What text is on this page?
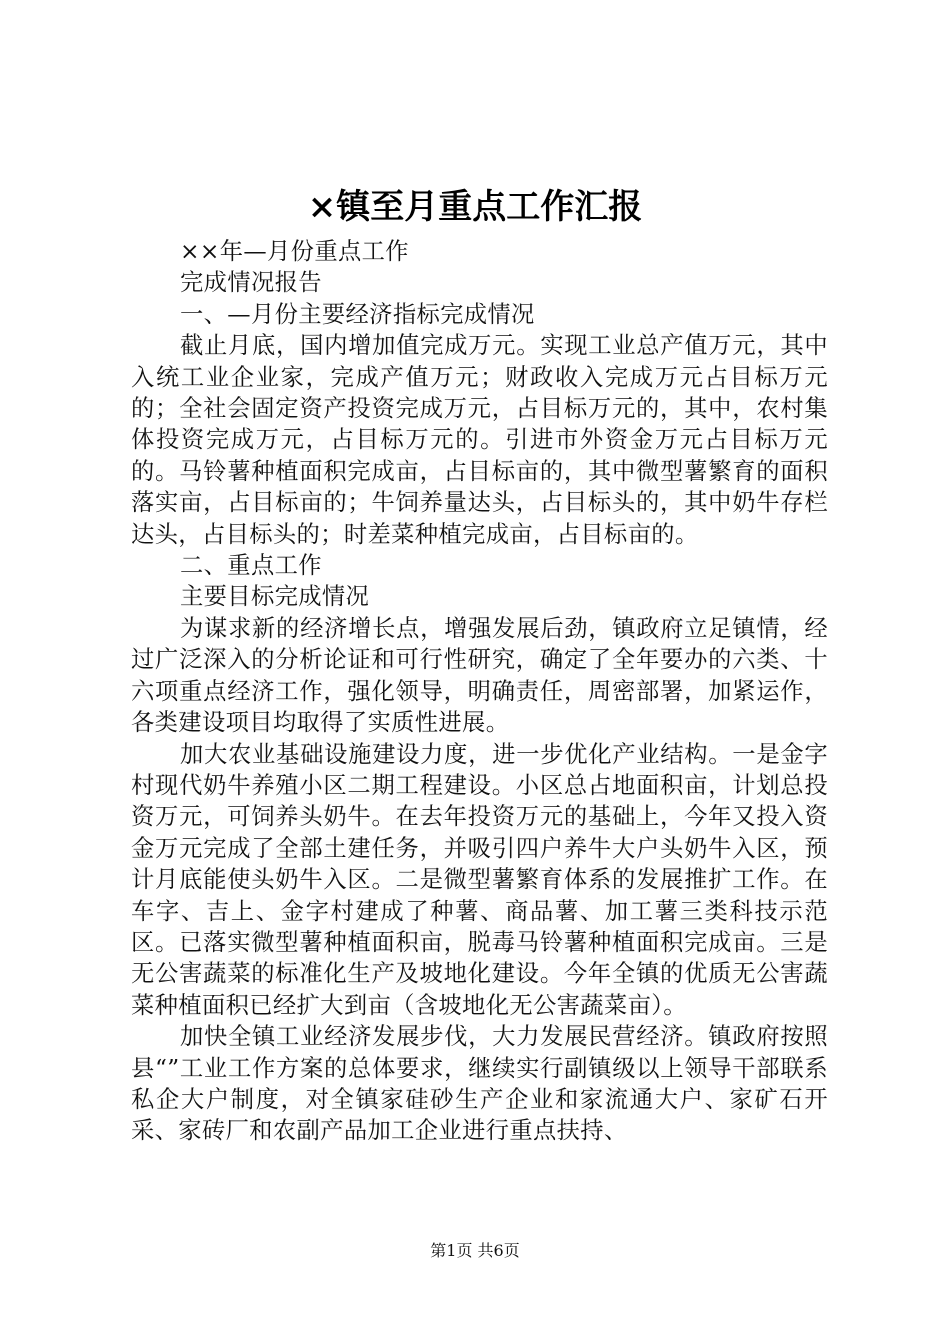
×镇至月重点工作汇报

××年—月份重点工作

完成情况报告

一、—月份主要经济指标完成情况

截止月底，国内增加值完成万元。实现工业总产值万元，其中入统工业企业家，完成产值万元；财政收入完成万元占目标万元的；全社会固定资产投资完成万元，占目标万元的，其中，农村集体投资完成万元，占目标万元的。引进市外资金万元占目标万元的。马铃薯种植面积完成亩，占目标亩的，其中微型薯繁育的面积落实亩，占目标亩的；牛饲养量达头，占目标头的，其中奶牛存栏达头，占目标头的；时差菜种植完成亩，占目标亩的。

二、重点工作

主要目标完成情况

为谋求新的经济增长点，增强发展后劲，镇政府立足镇情，经过广泛深入的分析论证和可行性研究，确定了全年要办的六类、十六项重点经济工作，强化领导，明确责任，周密部署，加紧运作，各类建设项目均取得了实质性进展。

加大农业基础设施建设力度，进一步优化产业结构。一是金字村现代奶牛养殖小区二期工程建设。小区总占地面积亩，计划总投资万元，可饲养头奶牛。在去年投资万元的基础上，今年又投入资金万元完成了全部土建任务，并吸引四户养牛大户头奶牛入区，预计月底能使头奶牛入区。二是微型薯繁育体系的发展推扩工作。在车字、吉上、金字村建成了种薯、商品薯、加工薯三类科技示范区。已落实微型薯种植面积亩，脱毒马铃薯种植面积完成亩。三是无公害蔬菜的标准化生产及坡地化建设。今年全镇的优质无公害蔬菜种植面积已经扩大到亩（含坡地化无公害蔬菜亩）。

加快全镇工业经济发展步伐，大力发展民营经济。镇政府按照县“”工业工作方案的总体要求，继续实行副镇级以上领导干部联系私企大户制度，对全镇家硅砂生产企业和家流通大户、家矿石开采、家砖厂和农副产品加工企业进行重点扶持、

第1页 共6页
